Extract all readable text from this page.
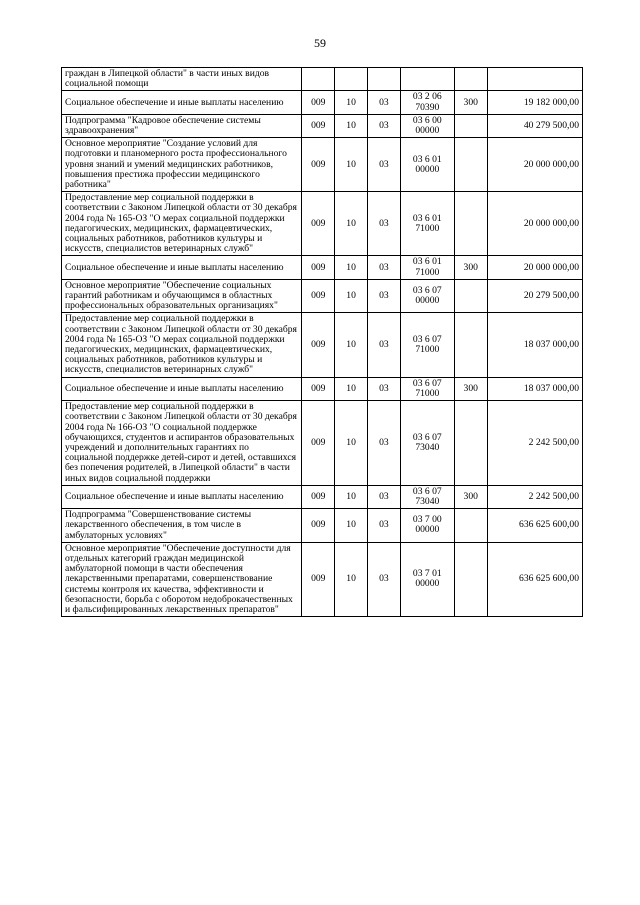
59
граждан в Липецкой области" в части иных видов социальной помощи						
Социальное обеспечение и иные выплаты населению	009	10	03	03 2 06 70390	300	19 182 000,00
Подпрограмма "Кадровое обеспечение системы здравоохранения"	009	10	03	03 6 00 00000		40 279 500,00
Основное мероприятие "Создание условий для подготовки и планомерного роста профессионального уровня знаний и умений медицинских работников, повышения престижа профессии медицинского работника"	009	10	03	03 6 01 00000		20 000 000,00
Предоставление мер социальной поддержки в соответствии с Законом Липецкой области от 30 декабря 2004 года № 165-ОЗ "О мерах социальной поддержки педагогических, медицинских, фармацевтических, социальных работников, работников культуры и искусств, специалистов ветеринарных служб"	009	10	03	03 6 01 71000		20 000 000,00
Социальное обеспечение и иные выплаты населению	009	10	03	03 6 01 71000	300	20 000 000,00
Основное мероприятие "Обеспечение социальных гарантий работникам и обучающимся в областных профессиональных образовательных организациях"	009	10	03	03 6 07 00000		20 279 500,00
Предоставление мер социальной поддержки в соответствии с Законом Липецкой области от 30 декабря 2004 года № 165-ОЗ "О мерах социальной поддержки педагогических, медицинских, фармацевтических, социальных работников, работников культуры и искусств, специалистов ветеринарных служб"	009	10	03	03 6 07 71000		18 037 000,00
Социальное обеспечение и иные выплаты населению	009	10	03	03 6 07 71000	300	18 037 000,00
Предоставление мер социальной поддержки в соответствии с Законом Липецкой области от 30 декабря 2004 года № 166-ОЗ "О социальной поддержке обучающихся, студентов и аспирантов образовательных учреждений и дополнительных гарантиях по социальной поддержке детей-сирот и детей, оставшихся без попечения родителей, в Липецкой области" в части иных видов социальной поддержки	009	10	03	03 6 07 73040		2 242 500,00
Социальное обеспечение и иные выплаты населению	009	10	03	03 6 07 73040	300	2 242 500,00
Подпрограмма "Совершенствование системы лекарственного обеспечения, в том числе в амбулаторных условиях"	009	10	03	03 7 00 00000		636 625 600,00
Основное мероприятие "Обеспечение доступности для отдельных категорий граждан медицинской амбулаторной помощи в части обеспечения лекарственными препаратами, совершенствование системы контроля их качества, эффективности и безопасности, борьба с оборотом недоброкачественных и фальсифицированных лекарственных препаратов"	009	10	03	03 7 01 00000		636 625 600,00
